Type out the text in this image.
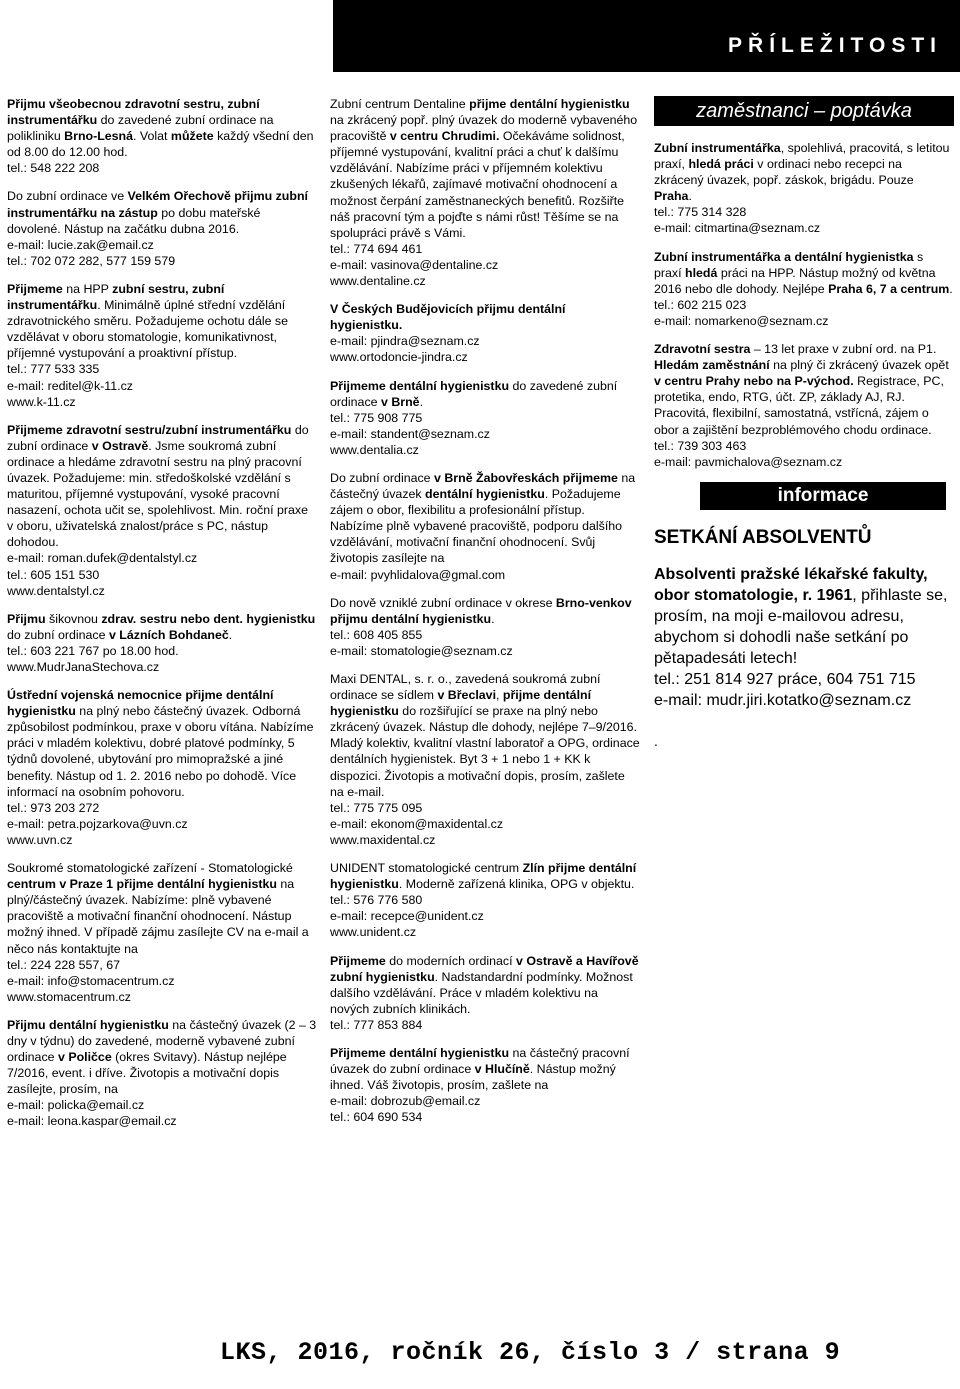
PŘÍLEŽITOSTI

Přijmu všeobecnou zdravotní sestru, zubní instrumentářku do zavedené zubní ordinace na polikliniku Brno-Lesná. Volat můžete každý všední den od 8.00 do 12.00 hod.
tel.: 548 222 208

Do zubní ordinace ve Velkém Ořechově přijmu zubní instrumentářku na zástup po dobu mateřské dovolené. Nástup na začátku dubna 2016.
e-mail: lucie.zak@email.cz
tel.: 702 072 282, 577 159 579

Přijmeme na HPP zubní sestru, zubní instrumentářku. Minimálně úplné střední vzdělání zdravotnického směru. Požadujeme ochotu dále se vzdělávat v oboru stomatologie, komunikativnost, příjemné vystupování a proaktivní přístup.
tel.: 777 533 335
e-mail: reditel@k-11.cz
www.k-11.cz

Přijmeme zdravotní sestru/zubní instrumentářku do zubní ordinace v Ostravě. Jsme soukromá zubní ordinace a hledáme zdravotní sestru na plný pracovní úvazek. Požadujeme: min. středoškolské vzdělání s maturitou, příjemné vystupování, vysoké pracovní nasazení, ochota učit se, spolehlivost. Min. roční praxe v oboru, uživatelská znalost/práce s PC, nástup dohodou.
e-mail: roman.dufek@dentalstyl.cz
tel.: 605 151 530
www.dentalstyl.cz

Přijmu šikovnou zdrav. sestru nebo dent. hygienistku do zubní ordinace v Lázních Bohdaneč.
tel.: 603 221 767 po 18.00 hod.
www.MudrJanaStechova.cz

Ústřední vojenská nemocnice přijme dentální hygienistku na plný nebo částečný úvazek. Odborná způsobilost podmínkou, praxe v oboru vítána. Nabízíme práci v mladém kolektivu, dobré platové podmínky, 5 týdnů dovolené, ubytování pro mimopražské a jiné benefity. Nástup od 1. 2. 2016 nebo po dohodě. Více informací na osobním pohovoru.
tel.: 973 203 272
e-mail: petra.pojzarkova@uvn.cz
www.uvn.cz

Soukromé stomatologické zařízení - Stomatologické centrum v Praze 1 přijme dentální hygienistku na plný/částečný úvazek. Nabízíme: plně vybavené pracoviště a motivační finanční ohodnocení. Nástup možný ihned. V případě zájmu zasílejte CV na e-mail a něco nás kontaktujte na
tel.: 224 228 557, 67
e-mail: info@stomacentrum.cz
www.stomacentrum.cz

Přijmu dentální hygienistku na částečný úvazek (2 – 3 dny v týdnu) do zavedené, moderně vybavené zubní ordinace v Poličce (okres Svitavy). Nástup nejlépe 7/2016, event. i dříve. Životopis a motivační dopis zasílejte, prosím, na
e-mail: policka@email.cz
e-mail: leona.kaspar@email.cz

Zubní centrum Dentaline přijme dentální hygienistku na zkrácený popř. plný úvazek do moderně vybaveného pracoviště v centru Chrudimi. Očekáváme solidnost, příjemné vystupování, kvalitní práci a chuť k dalšímu vzdělávání. Nabízíme práci v příjemném kolektivu zkušených lékařů, zajímavé motivační ohodnocení a možnost čerpání zaměstnaneckých benefitů. Rozšiřte náš pracovní tým a pojďte s námi růst! Těšíme se na spolupráci právě s Vámi.
tel.: 774 694 461
e-mail: vasinova@dentaline.cz
www.dentaline.cz

V Českých Budějovicích přijmu dentální hygienistku.
e-mail: pjindra@seznam.cz
www.ortodoncie-jindra.cz

Přijmeme dentální hygienistku do zavedené zubní ordinace v Brně.
tel.: 775 908 775
e-mail: standent@seznam.cz
www.dentalia.cz

Do zubní ordinace v Brně Žabovřeskách přijmeme na částečný úvazek dentální hygienistku. Požadujeme zájem o obor, flexibilitu a profesionální přístup. Nabízíme plně vybavené pracoviště, podporu dalšího vzdělávání, motivační finanční ohodnocení. Svůj životopis zasílejte na
e-mail: pvyhlidalova@gmal.com

Do nově vzniklé zubní ordinace v okrese Brno-venkov přijmu dentální hygienistku.
tel.: 608 405 855
e-mail: stomatologie@seznam.cz

Maxi DENTAL, s. r. o., zavedená soukromá zubní ordinace se sídlem v Břeclavi, přijme dentální hygienistku do rozšiřující se praxe na plný nebo zkrácený úvazek. Nástup dle dohody, nejlépe 7–9/2016. Mladý kolektiv, kvalitní vlastní laboratoř a OPG, ordinace dentálních hygienistek. Byt 3 + 1 nebo 1 + KK k dispozici. Životopis a motivační dopis, prosím, zašlete na e-mail.
tel.: 775 775 095
e-mail: ekonom@maxidental.cz
www.maxidental.cz

UNIDENT stomatologické centrum Zlín přijme dentální hygienistku. Moderně zařízená klinika, OPG v objektu.
tel.: 576 776 580
e-mail: recepce@unident.cz
www.unident.cz

Přijmeme do moderních ordinací v Ostravě a Havířově zubní hygienistku. Nadstandardní podmínky. Možnost dalšího vzdělávání. Práce v mladém kolektivu na nových zubních klinikách.
tel.: 777 853 884

Přijmeme dentální hygienistku na částečný pracovní úvazek do zubní ordinace v Hlučíně. Nástup možný ihned. Váš životopis, prosím, zašlete na
e-mail: dobrozub@email.cz
tel.: 604 690 534

zaměstnanci – poptávka

Zubní instrumentářka, spolehlivá, pracovitá, s letitou praxí, hledá práci v ordinaci nebo recepci na zkrácený úvazek, popř. záskok, brigádu. Pouze Praha.
tel.: 775 314 328
e-mail: citmartina@seznam.cz

Zubní instrumentářka a dentální hygienistka s praxí hledá práci na HPP. Nástup možný od května 2016 nebo dle dohody. Nejlépe Praha 6, 7 a centrum.
tel.: 602 215 023
e-mail: nomarkeno@seznam.cz

Zdravotní sestra – 13 let praxe v zubní ord. na P1. Hledám zaměstnání na plný či zkrácený úvazek opět v centru Prahy nebo na P-východ. Registrace, PC, protetika, endo, RTG, účt. ZP, základy AJ, RJ. Pracovitá, flexibilní, samostatná, vstřícná, zájem o obor a zajištění bezproblémového chodu ordinace.
tel.: 739 303 463
e-mail: pavmichalova@seznam.cz

informace
SETKÁNÍ ABSOLVENTŮ
Absolventi pražské lékařské fakulty, obor stomatologie, r. 1961, přihlaste se, prosím, na moji e-mailovou adresu, abychom si dohodli naše setkání po pětapadesáti letech!
tel.: 251 814 927 práce, 604 751 715
e-mail: mudr.jiri.kotatko@seznam.cz
.
LKS, 2016, ročník 26, číslo 3 / strana 9
